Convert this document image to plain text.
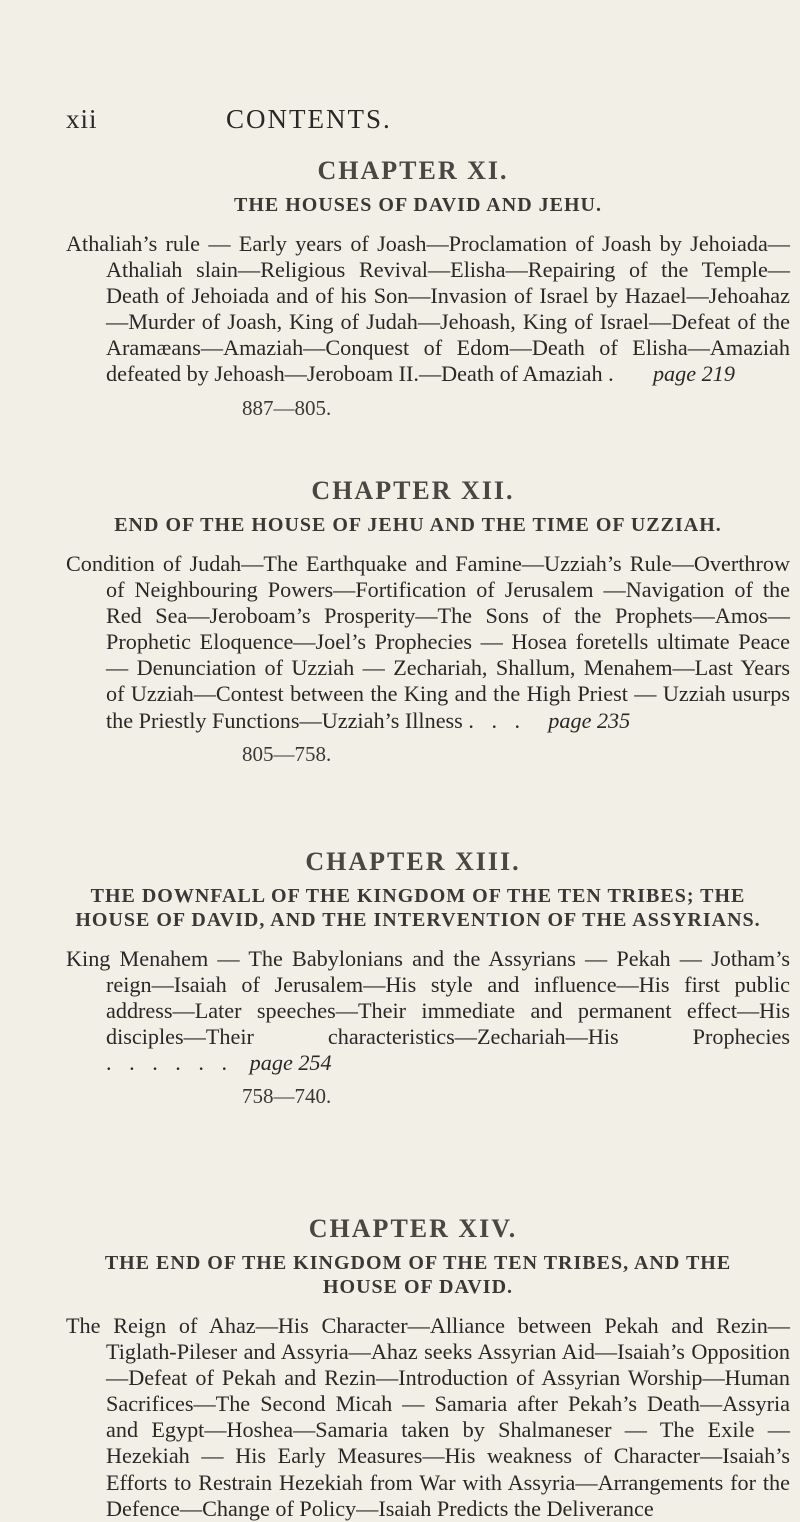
xii	CONTENTS.
CHAPTER XI.
THE HOUSES OF DAVID AND JEHU.

Athaliah’s rule — Early years of Joash—Proclamation of Joash by Jehoiada—Athaliah slain—Religious Revival—Elisha—Repairing of the Temple—Death of Jehoiada and of his Son—Invasion of Israel by Hazael—Jehoahaz—Murder of Joash, King of Judah—Jehoash, King of Israel—Defeat of the Aramæans—Amaziah—Conquest of Edom—Death of Elisha—Amaziah defeated by Jehoash—Jeroboam II.—Death of Amaziah . page 219

887—805.

CHAPTER XII.
END OF THE HOUSE OF JEHU AND THE TIME OF UZZIAH.

Condition of Judah—The Earthquake and Famine—Uzziah’s Rule—Overthrow of Neighbouring Powers—Fortification of Jerusalem —Navigation of the Red Sea—Jeroboam’s Prosperity—The Sons of the Prophets—Amos—Prophetic Eloquence—Joel’s Prophecies — Hosea foretells ultimate Peace — Denunciation of Uzziah — Zechariah, Shallum, Menahem—Last Years of Uzziah—Contest between the King and the High Priest — Uzziah usurps the Priestly Functions—Uzziah’s Illness . . . page 235

805—758.

CHAPTER XIII.
THE DOWNFALL OF THE KINGDOM OF THE TEN TRIBES; THE HOUSE OF DAVID, AND THE INTERVENTION OF THE ASSYRIANS.

King Menahem — The Babylonians and the Assyrians — Pekah — Jotham’s reign—Isaiah of Jerusalem—His style and influence—His first public address—Later speeches—Their immediate and permanent effect—His disciples—Their characteristics—Zechariah—His Prophecies . . . . . . page 254

758—740.

CHAPTER XIV.
THE END OF THE KINGDOM OF THE TEN TRIBES, AND THE HOUSE OF DAVID.

The Reign of Ahaz—His Character—Alliance between Pekah and Rezin—Tiglath-Pileser and Assyria—Ahaz seeks Assyrian Aid—Isaiah’s Opposition—Defeat of Pekah and Rezin—Introduction of Assyrian Worship—Human Sacrifices—The Second Micah — Samaria after Pekah’s Death—Assyria and Egypt—Hoshea—Samaria taken by Shalmaneser — The Exile — Hezekiah — His Early Measures—His weakness of Character—Isaiah’s Efforts to Restrain Hezekiah from War with Assyria—Arrangements for the Defence—Change of Policy—Isaiah Predicts the Deliverance
